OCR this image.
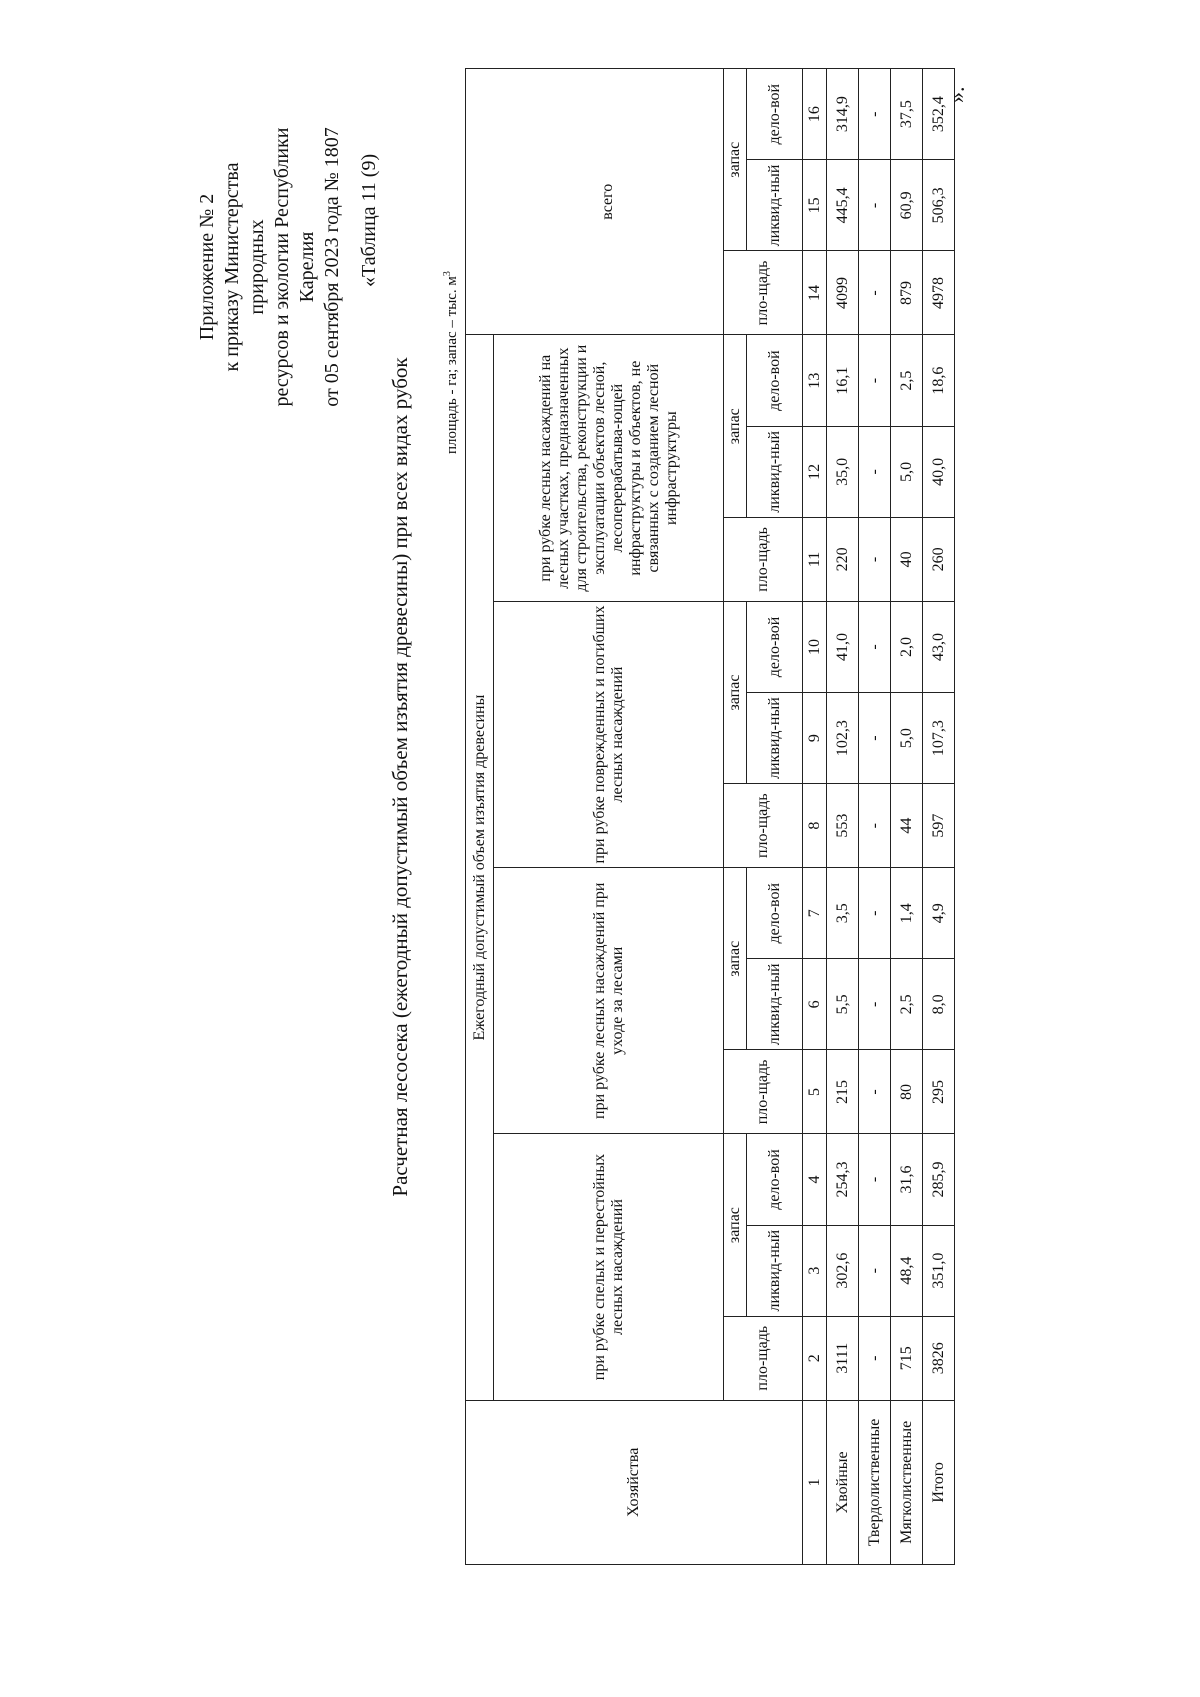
Приложение № 2 к приказу Министерства природных ресурсов и экологии Республики Карелия от 05 сентября 2023 года № 1807 «Таблица 11 (9)
Расчетная лесосека (ежегодный допустимый объем изъятия древесины) при всех видах рубок площадь - га; запас – тыс. $м^3$
Хозяйства	Ежегодный допустимый объем изъятия древесины														
	при рубке спелых и перестойных лесных насаждений			при рубке лесных насаждений при уходе за лесами			при рубке поврежденных и погибших лесных насаждений			при рубке лесных насаждений на лесных участках, предназначенных для строительства, реконструкции и эксплуатации объектов лесной, лесоперерабатыва-ющей инфраструктуры и объектов, не связанных с созданием лесной инфраструктуры			всего		
	пло-щадь	запас		пло-щадь	запас		пло-щадь	запас		пло-щадь	запас		пло-щадь	запас	
		ликвид-ный	дело-вой		ликвид-ный	дело-вой		ликвид-ный	дело-вой		ликвид-ный	дело-вой		ликвид-ный	дело-вой
1	2	3	4	5	6	7	8	9	10	11	12	13	14	15	16
Хвойные	3111	302,6	254,3	215	5,5	3,5	553	102,3	41,0	220	35,0	16,1	4099	445,4	314,9
Твердолиственные	-	-	-	-	-	-	-	-	-	-	-	-	-	-	-
Мягколиственные	715	48,4	31,6	80	2,5	1,4	44	5,0	2,0	40	5,0	2,5	879	60,9	37,5
Итого	3826	351,0	285,9	295	8,0	4,9	597	107,3	43,0	260	40,0	18,6	4978	506,3	352,4
».
